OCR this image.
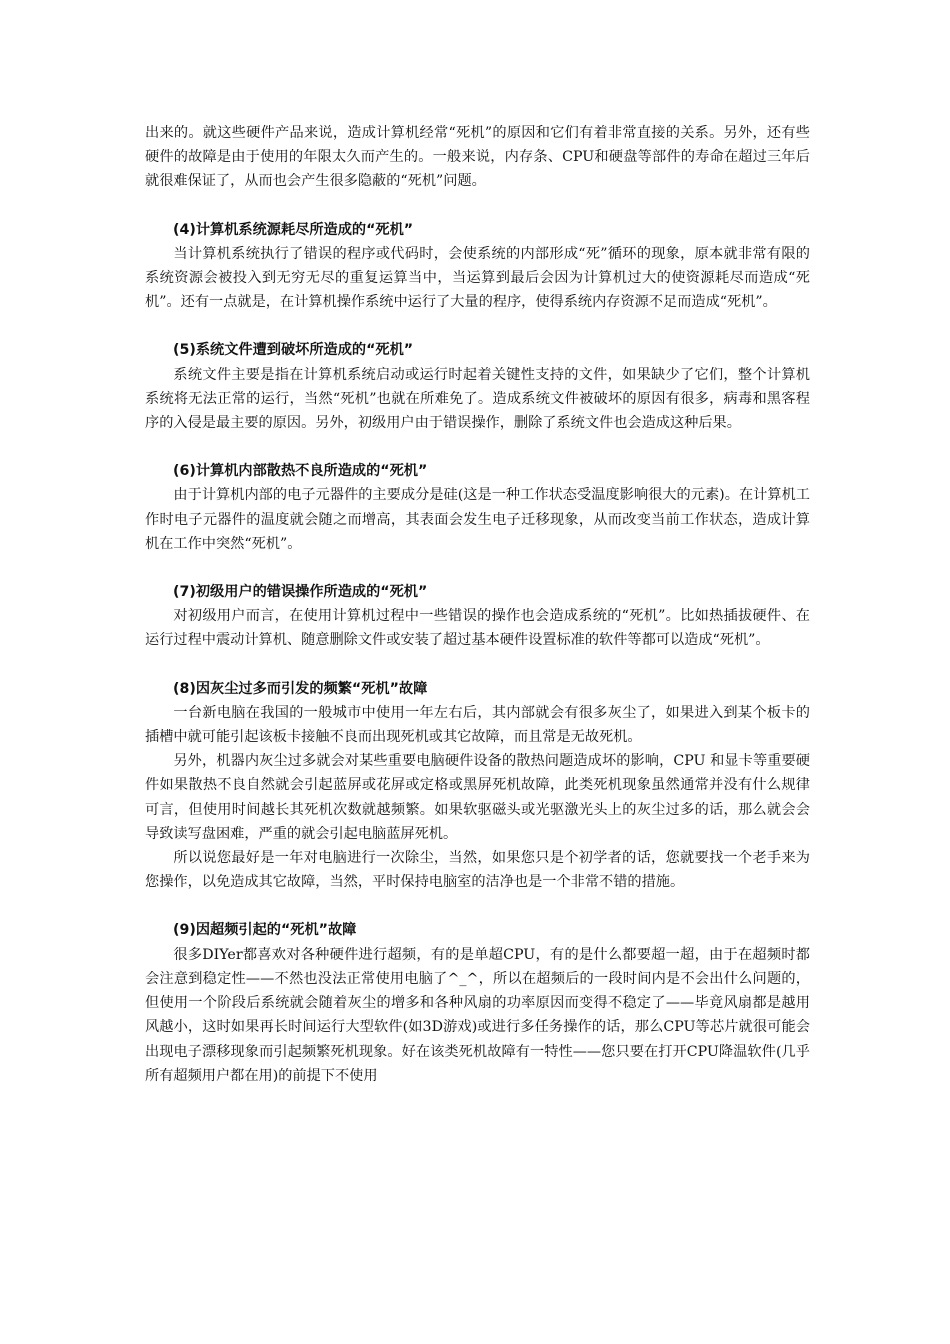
出来的。就这些硬件产品来说，造成计算机经常“死机”的原因和它们有着非常直接的关系。另外，还有些硬件的故障是由于使用的年限太久而产生的。一般来说，内存条、CPU和硬盘等部件的寿命在超过三年后就很难保证了，从而也会产生很多隐蔽的“死机”问题。

(4)计算机系统源耗尽所造成的“死机”

当计算机系统执行了错误的程序或代码时，会使系统的内部形成“死”循环的现象，原本就非常有限的系统资源会被投入到无穷无尽的重复运算当中，当运算到最后会因为计算机过大的使资源耗尽而造成“死机”。还有一点就是，在计算机操作系统中运行了大量的程序，使得系统内存资源不足而造成“死机”。

(5)系统文件遭到破坏所造成的“死机”

系统文件主要是指在计算机系统启动或运行时起着关键性支持的文件，如果缺少了它们，整个计算机系统将无法正常的运行，当然“死机”也就在所难免了。造成系统文件被破坏的原因有很多，病毒和黑客程序的入侵是最主要的原因。另外，初级用户由于错误操作，删除了系统文件也会造成这种后果。

(6)计算机内部散热不良所造成的“死机”

由于计算机内部的电子元器件的主要成分是硅(这是一种工作状态受温度影响很大的元素)。在计算机工作时电子元器件的温度就会随之而增高，其表面会发生电子迁移现象，从而改变当前工作状态，造成计算机在工作中突然“死机”。

(7)初级用户的错误操作所造成的“死机”

对初级用户而言，在使用计算机过程中一些错误的操作也会造成系统的“死机”。比如热插拔硬件、在运行过程中震动计算机、随意删除文件或安装了超过基本硬件设置标准的软件等都可以造成“死机”。

(8)因灰尘过多而引发的频繁“死机”故障

一台新电脑在我国的一般城市中使用一年左右后，其内部就会有很多灰尘了，如果进入到某个板卡的插槽中就可能引起该板卡接触不良而出现死机或其它故障，而且常是无故死机。

另外，机器内灰尘过多就会对某些重要电脑硬件设备的散热问题造成坏的影响，CPU 和显卡等重要硬件如果散热不良自然就会引起蓝屏或花屏或定格或黑屏死机故障，此类死机现象虽然通常并没有什么规律可言，但使用时间越长其死机次数就越频繁。如果软驱磁头或光驱激光头上的灰尘过多的话，那么就会会导致读写盘困难，严重的就会引起电脑蓝屏死机。

所以说您最好是一年对电脑进行一次除尘，当然，如果您只是个初学者的话，您就要找一个老手来为您操作，以免造成其它故障，当然，平时保持电脑室的洁净也是一个非常不错的措施。

(9)因超频引起的“死机”故障

很多DIYer都喜欢对各种硬件进行超频，有的是单超CPU，有的是什么都要超一超，由于在超频时都会注意到稳定性——不然也没法正常使用电脑了^_^，所以在超频后的一段时间内是不会出什么问题的，但使用一个阶段后系统就会随着灰尘的增多和各种风扇的功率原因而变得不稳定了——毕竟风扇都是越用风越小，这时如果再长时间运行大型软件(如3D游戏)或进行多任务操作的话，那么CPU等芯片就很可能会出现电子漂移现象而引起频繁死机现象。好在该类死机故障有一特性——您只要在打开CPU降温软件(几乎所有超频用户都在用)的前提下不使用
